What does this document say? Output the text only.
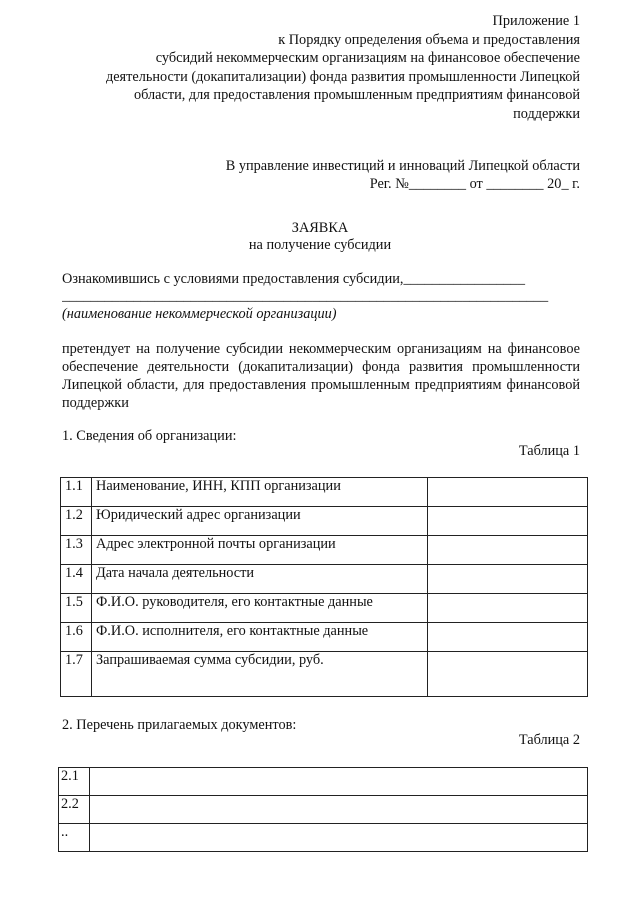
Приложение 1
к Порядку определения объема и предоставления
субсидий некоммерческим организациям на финансовое обеспечение
деятельности (докапитализации) фонда развития промышленности Липецкой
области, для предоставления промышленным предприятиям финансовой
поддержки
В управление инвестиций и инноваций Липецкой области
Рег. №________ от ________ 20_ г.
ЗАЯВКА
на получение субсидии
Ознакомившись с условиями предоставления субсидии,_________________
____________________________________________________________________
(наименование некоммерческой организации)
претендует на получение субсидии некоммерческим организациям на финансовое обеспечение деятельности (докапитализации) фонда развития промышленности Липецкой области, для предоставления промышленным предприятиям финансовой поддержки
1. Сведения об организации:
Таблица 1
1.1	Наименование, ИНН, КПП организации	
1.2	Юридический адрес организации	
1.3	Адрес электронной почты организации	
1.4	Дата начала деятельности	
1.5	Ф.И.О. руководителя, его контактные данные	
1.6	Ф.И.О. исполнителя, его контактные данные	
1.7	Запрашиваемая сумма субсидии, руб.	
2. Перечень прилагаемых документов:
Таблица 2
2.1	
2.2	
..	
